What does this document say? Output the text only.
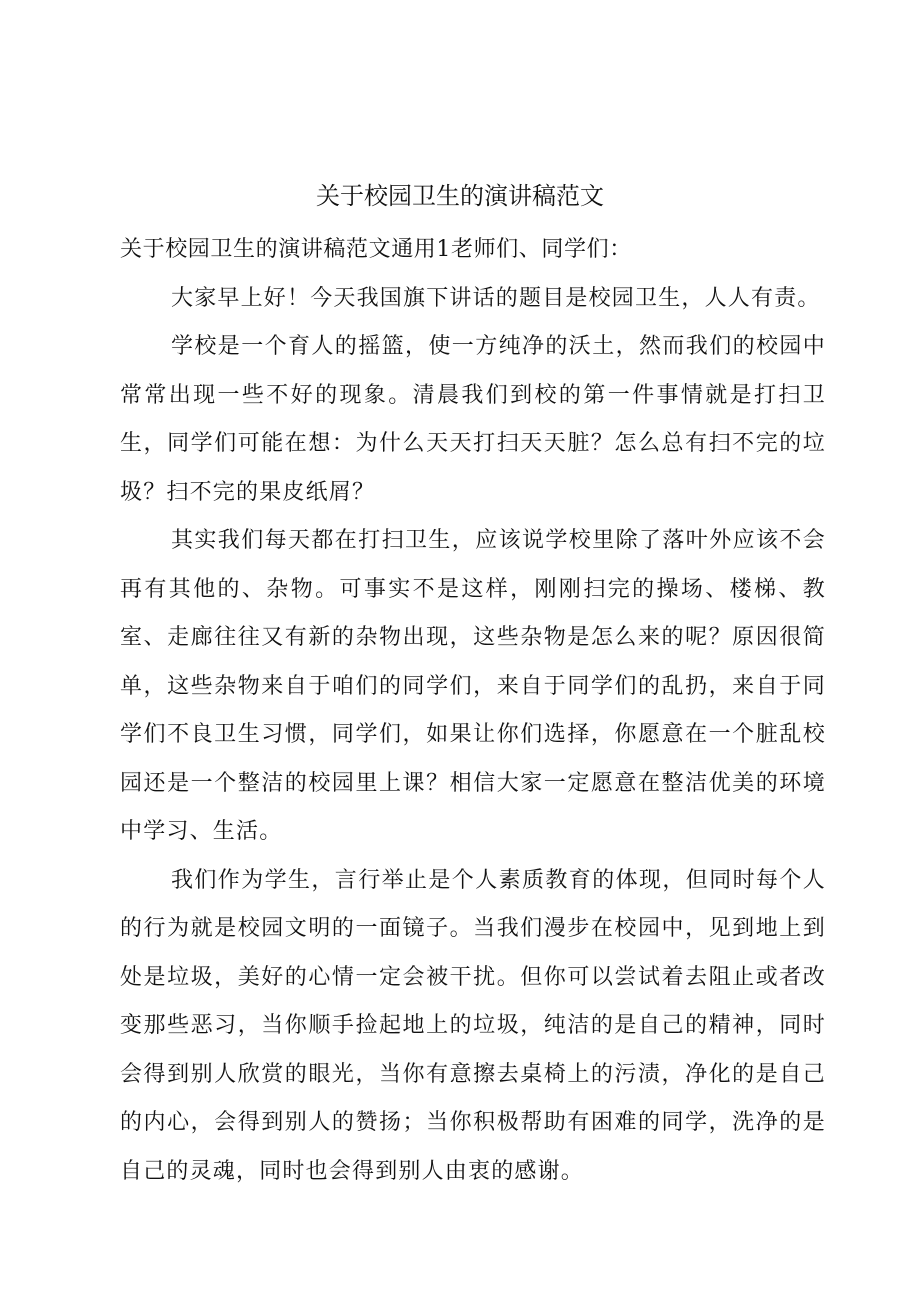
关于校园卫生的演讲稿范文

关于校园卫生的演讲稿范文通用1老师们、同学们：

大家早上好！今天我国旗下讲话的题目是校园卫生，人人有责。

学校是一个育人的摇篮，使一方纯净的沃土，然而我们的校园中常常出现一些不好的现象。清晨我们到校的第一件事情就是打扫卫生，同学们可能在想：为什么天天打扫天天脏？怎么总有扫不完的垃圾？扫不完的果皮纸屑？

其实我们每天都在打扫卫生，应该说学校里除了落叶外应该不会再有其他的、杂物。可事实不是这样，刚刚扫完的操场、楼梯、教室、走廊往往又有新的杂物出现，这些杂物是怎么来的呢？原因很简单，这些杂物来自于咱们的同学们，来自于同学们的乱扔，来自于同学们不良卫生习惯，同学们，如果让你们选择，你愿意在一个脏乱校园还是一个整洁的校园里上课？相信大家一定愿意在整洁优美的环境中学习、生活。

我们作为学生，言行举止是个人素质教育的体现，但同时每个人的行为就是校园文明的一面镜子。当我们漫步在校园中，见到地上到处是垃圾，美好的心情一定会被干扰。但你可以尝试着去阻止或者改变那些恶习，当你顺手捡起地上的垃圾，纯洁的是自己的精神，同时会得到别人欣赏的眼光，当你有意擦去桌椅上的污渍，净化的是自己的内心，会得到别人的赞扬；当你积极帮助有困难的同学，洗净的是自己的灵魂，同时也会得到别人由衷的感谢。
